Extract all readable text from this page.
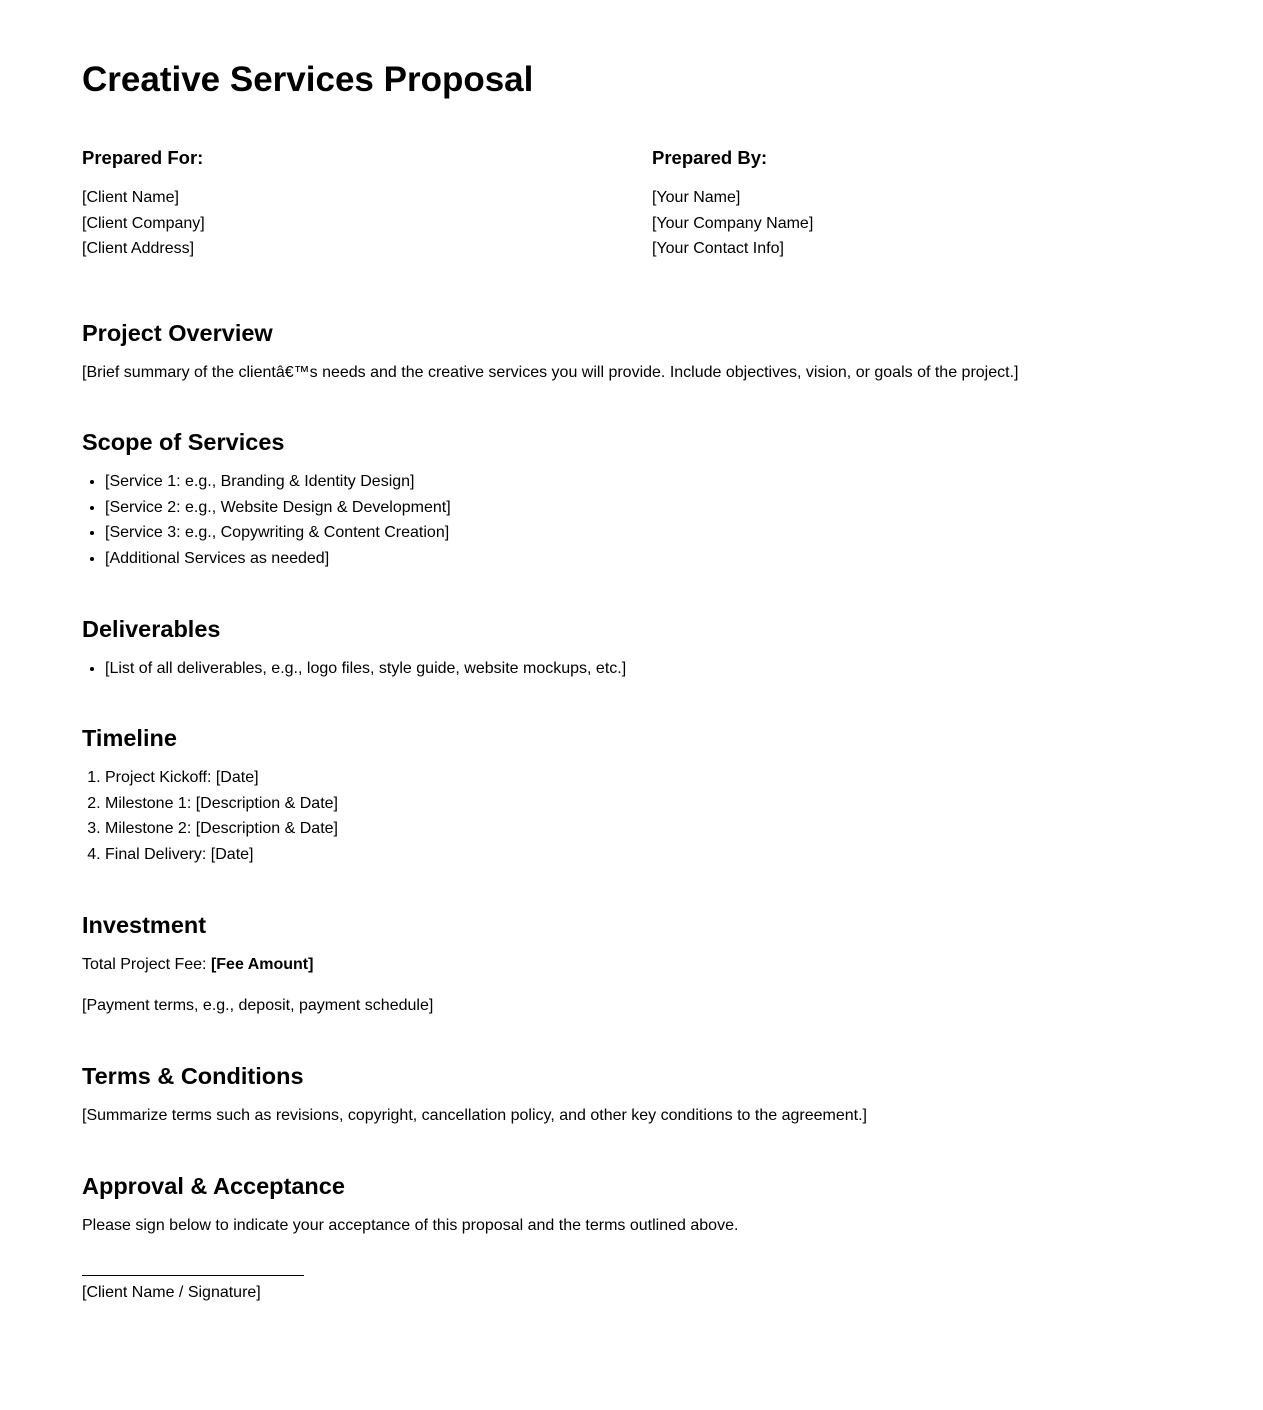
Creative Services Proposal
Prepared For:
[Client Name]
[Client Company]
[Client Address]
Prepared By:
[Your Name]
[Your Company Name]
[Your Contact Info]
Project Overview

[Brief summary of the clientâ€™s needs and the creative services you will provide. Include objectives, vision, or goals of the project.]

Scope of Services
• [Service 1: e.g., Branding & Identity Design]
• [Service 2: e.g., Website Design & Development]
• [Service 3: e.g., Copywriting & Content Creation]
• [Additional Services as needed]
Deliverables
• [List of all deliverables, e.g., logo files, style guide, website mockups, etc.]
Timeline
1. Project Kickoff: [Date]
2. Milestone 1: [Description & Date]
3. Milestone 2: [Description & Date]
4. Final Delivery: [Date]
Investment

Total Project Fee: [Fee Amount]

[Payment terms, e.g., deposit, payment schedule]

Terms & Conditions

[Summarize terms such as revisions, copyright, cancellation policy, and other key conditions to the agreement.]

Approval & Acceptance

Please sign below to indicate your acceptance of this proposal and the terms outlined above.

[Client Name / Signature]
